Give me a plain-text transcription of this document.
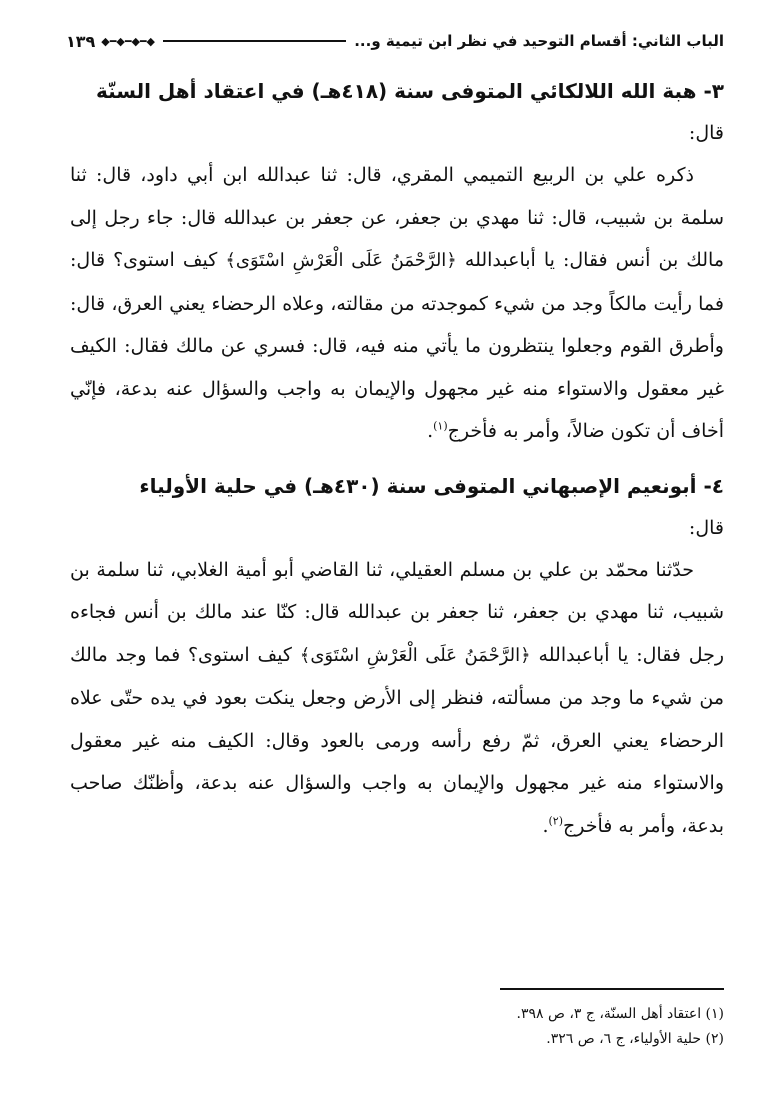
الباب الثاني: أقسام التوحيد في نظر ابن تيمية و...
◆━◆━◆━◆
١٣٩
٣- هبة الله اللالكائي المتوفى سنة (٤١٨هـ) في اعتقاد أهل السنّة

قال:

ذكره علي بن الربيع التميمي المقري، قال: ثنا عبدالله ابن أبي داود، قال: ثنا سلمة بن شبيب، قال: ثنا مهدي بن جعفر، عن جعفر بن عبدالله قال: جاء رجل إلى مالك بن أنس فقال: يا أباعبدالله ﴿الرَّحْمَنُ عَلَى الْعَرْشِ اسْتَوَى﴾ كيف استوى؟ قال: فما رأيت مالكاً وجد من شيء كموجدته من مقالته، وعلاه الرحضاء يعني العرق، قال: وأطرق القوم وجعلوا ينتظرون ما يأتي منه فيه، قال: فسري عن مالك فقال: الكيف غير معقول والاستواء منه غير مجهول والإيمان به واجب والسؤال عنه بدعة، فإنّي أخاف أن تكون ضالاً، وأمر به فأخرج$^{(١)}$.

٤- أبونعيم الإصبهاني المتوفى سنة (٤٣٠هـ) في حلية الأولياء

قال:

حدّثنا محمّد بن علي بن مسلم العقيلي، ثنا القاضي أبو أمية الغلابي، ثنا سلمة بن شبيب، ثنا مهدي بن جعفر، ثنا جعفر بن عبدالله قال: كنّا عند مالك بن أنس فجاءه رجل فقال: يا أباعبدالله ﴿الرَّحْمَنُ عَلَى الْعَرْشِ اسْتَوَى﴾ كيف استوى؟ فما وجد مالك من شيء ما وجد من مسألته، فنظر إلى الأرض وجعل ينكت بعود في يده حتّى علاه الرحضاء يعني العرق، ثمّ رفع رأسه ورمى بالعود وقال: الكيف منه غير معقول والاستواء منه غير مجهول والإيمان به واجب والسؤال عنه بدعة، وأظنّك صاحب بدعة، وأمر به فأخرج$^{(٢)}$.

(١) اعتقاد أهل السنّة، ج ٣، ص ٣٩٨.
(٢) حلية الأولياء، ج ٦، ص ٣٢٦.
